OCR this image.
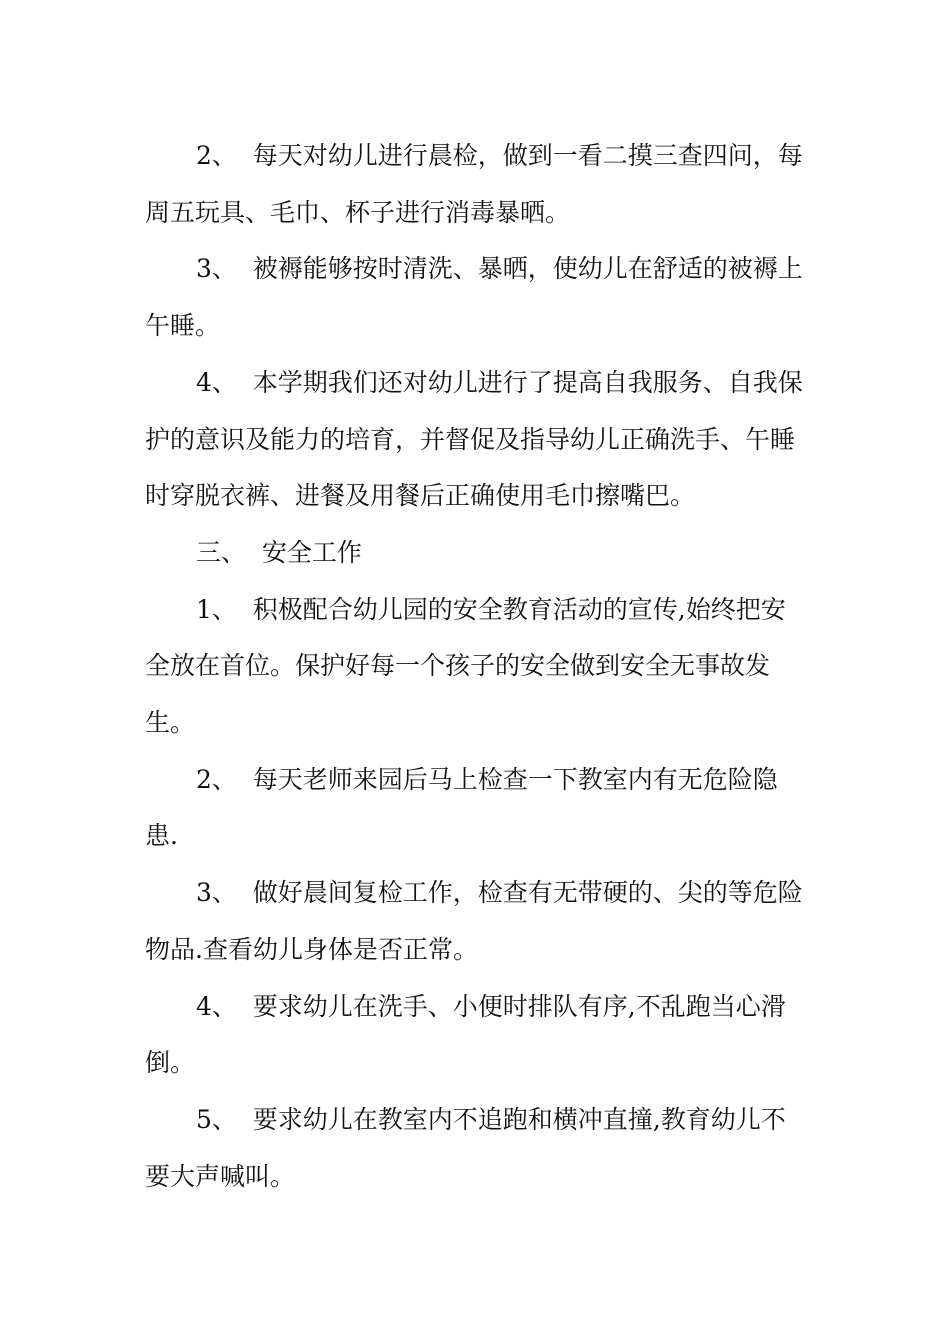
2、  每天对幼儿进行晨检，做到一看二摸三查四问，每周五玩具、毛巾、杯子进行消毒暴晒。

3、  被褥能够按时清洗、暴晒，使幼儿在舒适的被褥上午睡。

4、  本学期我们还对幼儿进行了提高自我服务、自我保护的意识及能力的培育，并督促及指导幼儿正确洗手、午睡时穿脱衣裤、进餐及用餐后正确使用毛巾擦嘴巴。

三、  安全工作

1、  积极配合幼儿园的安全教育活动的宣传,始终把安全放在首位。保护好每一个孩子的安全做到安全无事故发生。

2、  每天老师来园后马上检查一下教室内有无危险隐患.

3、  做好晨间复检工作，检查有无带硬的、尖的等危险物品.查看幼儿身体是否正常。

4、  要求幼儿在洗手、小便时排队有序,不乱跑当心滑倒。

5、  要求幼儿在教室内不追跑和横冲直撞,教育幼儿不要大声喊叫。
